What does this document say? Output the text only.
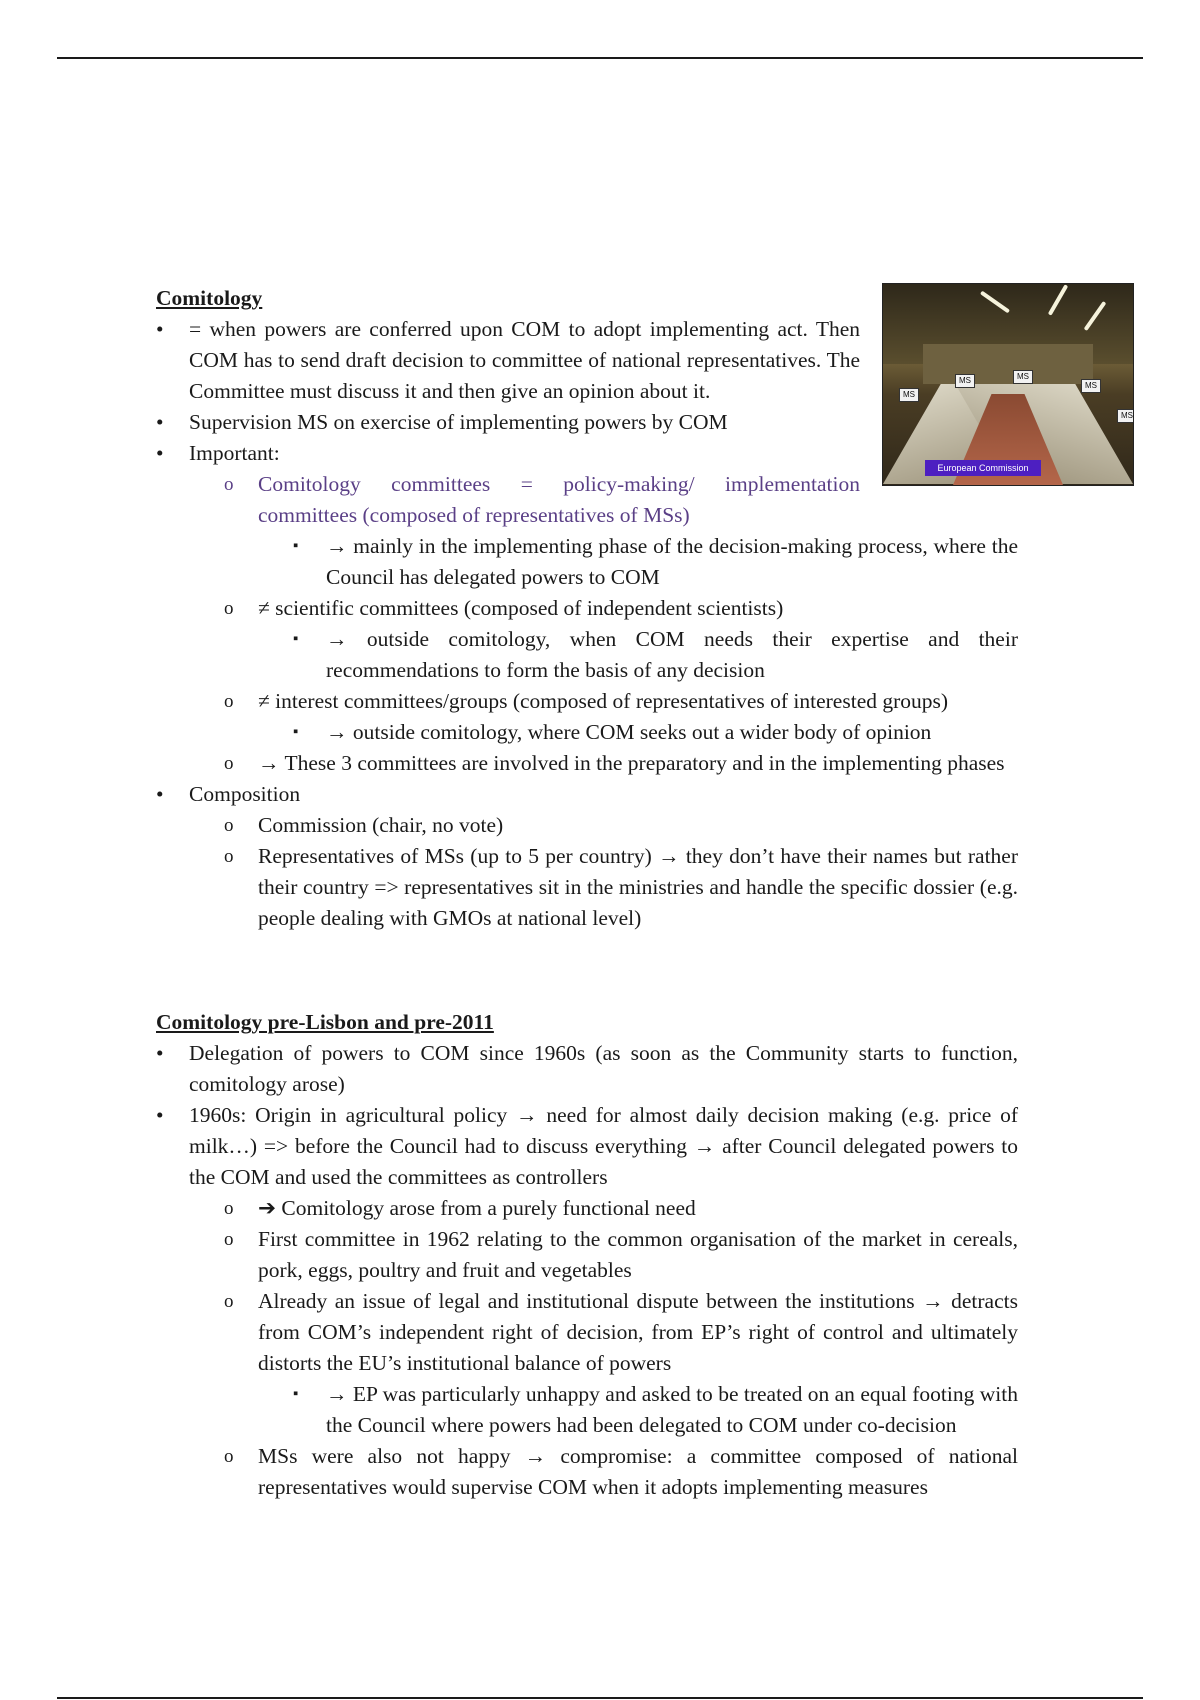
MS
MS
MS
MS
MS
European Commission

Comitology

• = when powers are conferred upon COM to adopt implementing act. Then COM has to send draft decision to committee of national representatives. The Committee must discuss it and then give an opinion about it.
• Supervision MS on exercise of implementing powers by COM
• Important:
o Comitology committees = policy-making/ implementation committees (composed of representatives of MSs)
▪ → mainly in the implementing phase of the decision-making process, where the Council has delegated powers to COM
o ≠ scientific committees (composed of independent scientists)
▪ → outside comitology, when COM needs their expertise and their recommendations to form the basis of any decision
o ≠ interest committees/groups (composed of representatives of interested groups)
▪ → outside comitology, where COM seeks out a wider body of opinion
o → These 3 committees are involved in the preparatory and in the implementing phases
• Composition
o Commission (chair, no vote)
o Representatives of MSs (up to 5 per country) → they don’t have their names but rather their country => representatives sit in the ministries and handle the specific dossier (e.g. people dealing with GMOs at national level)

Comitology pre-Lisbon and pre-2011

• Delegation of powers to COM since 1960s (as soon as the Community starts to function, comitology arose)
• 1960s: Origin in agricultural policy → need for almost daily decision making (e.g. price of milk…) => before the Council had to discuss everything → after Council delegated powers to the COM and used the committees as controllers
o ➔ Comitology arose from a purely functional need
o First committee in 1962 relating to the common organisation of the market in cereals, pork, eggs, poultry and fruit and vegetables
o Already an issue of legal and institutional dispute between the institutions → detracts from COM’s independent right of decision, from EP’s right of control and ultimately distorts the EU’s institutional balance of powers
▪ → EP was particularly unhappy and asked to be treated on an equal footing with the Council where powers had been delegated to COM under co-decision
o MSs were also not happy → compromise: a committee composed of national representatives would supervise COM when it adopts implementing measures
